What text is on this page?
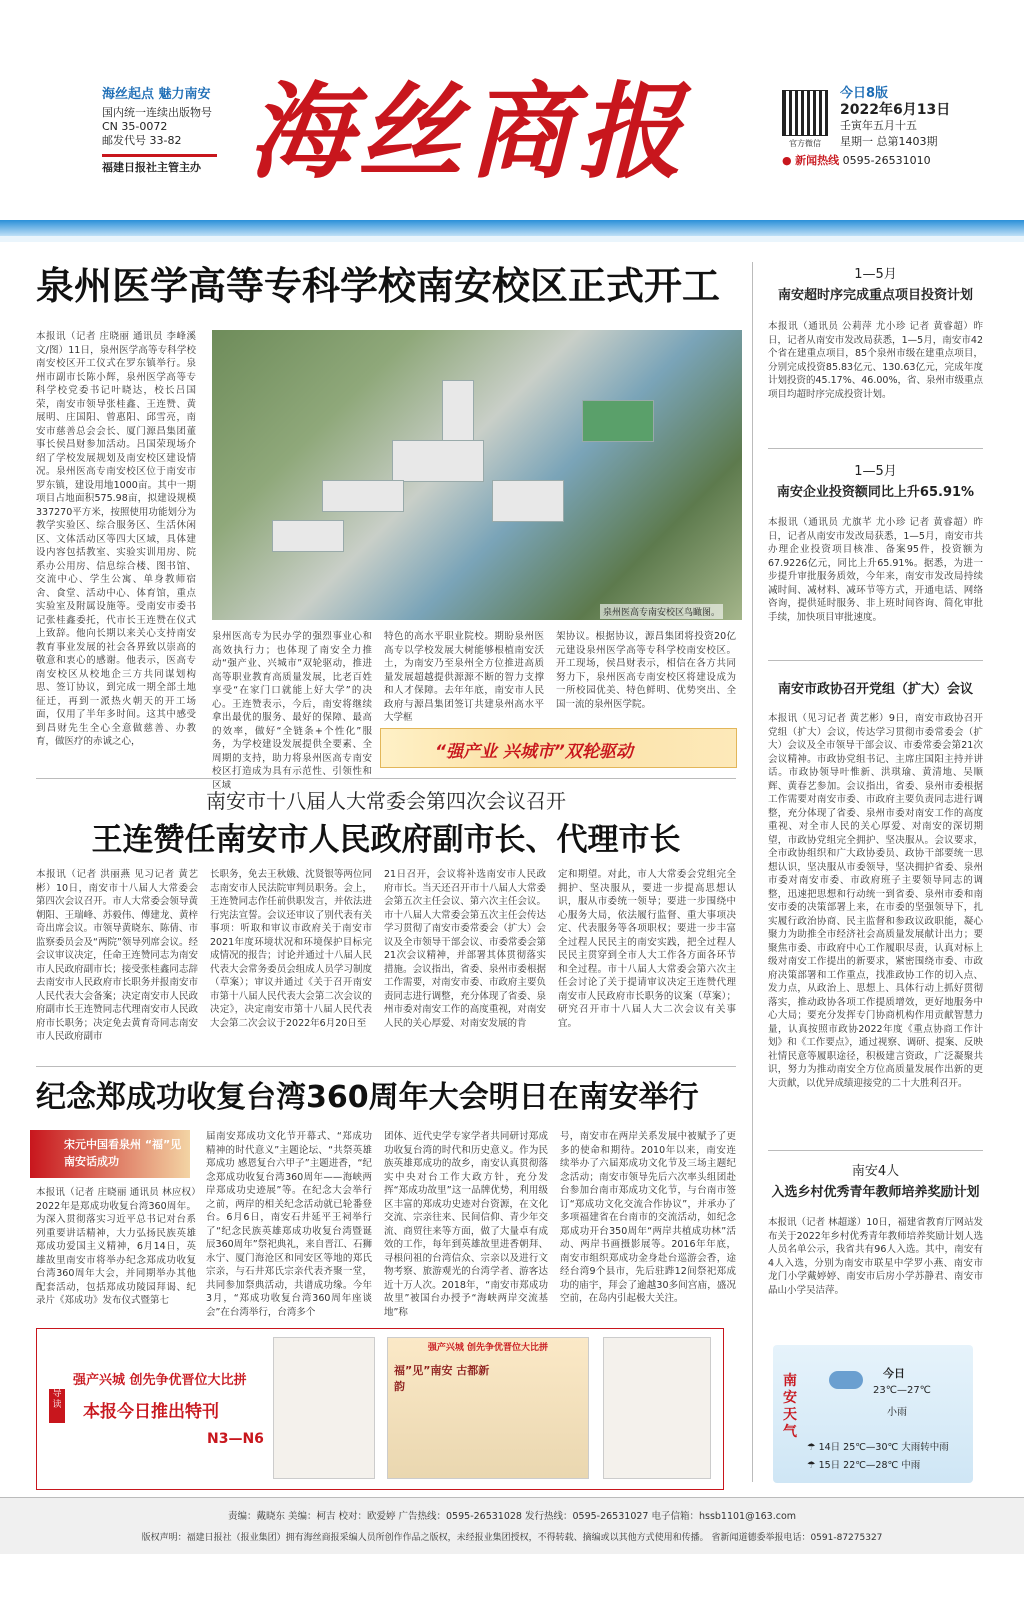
海丝起点 魅力南安
国内统一连续出版物号
CN 35-0072
邮发代号 33-82
福建日报社主管主办 海丝商报	官方微信
今日8版
2022年6月13日
壬寅年五月十五
星期一 总第1403期
● 新闻热线 0595-26531010
泉州医学高等专科学校南安校区正式开工
本报讯（记者 庄晓丽 通讯员 李峰溪 文/图）11日，泉州医学高等专科学校南安校区开工仪式在罗东镇举行。泉州市副市长陈小辉，泉州医学高等专科学校党委书记叶晓达，校长吕国荣，南安市领导张桂鑫、王连赞、黄展明、庄国阳、曾惠阳、邱雪亮，南安市慈善总会会长、厦门源昌集团董事长侯昌财参加活动。吕国荣现场介绍了学校发展规划及南安校区建设情况。泉州医高专南安校区位于南安市罗东镇，建设用地1000亩。其中一期项目占地面积575.98亩，拟建设规模337270平方米，按照使用功能划分为教学实验区、综合服务区、生活休闲区、文体活动区等四大区域，具体建设内容包括教室、实验实训用房、院系办公用房、信息综合楼、图书馆、交流中心、学生公寓、单身教师宿舍、食堂、活动中心、体育馆，重点实验室及附属设施等。受南安市委书记张桂鑫委托，代市长王连赞在仪式上致辞。他向长期以来关心支持南安教育事业发展的社会各界致以崇高的敬意和衷心的感谢。他表示，医高专南安校区从校地企三方共同谋划构思、签订协议，到完成一期全部土地征迁，再到一派热火朝天的开工场面，仅用了半年多时间。这其中感受到昌财先生全心全意做慈善、办教育，做医疗的赤诚之心，
泉州医高专南安校区鸟瞰图。
泉州医高专为民办学的强烈事业心和高效执行力；也体现了南安全力推动“强产业、兴城市”双轮驱动，推进高等职业教育高质量发展，比老百姓享受“在家门口就能上好大学”的决心。王连赞表示，今后，南安将继续拿出最优的服务、最好的保障、最高的效率，做好“全链条+个性化”服务，为学校建设发展提供全要素、全周期的支持，助力将泉州医高专南安校区打造成为具有示范性、引领性和区域
特色的高水平职业院校。期盼泉州医高专以学校发展大树能够根植南安沃土，为南安乃至泉州全方位推进高质量发展超越提供源源不断的智力支撑和人才保障。去年年底，南安市人民政府与源昌集团签订共建泉州高水平大学框
架协议。根据协议，源昌集团将投资20亿元建设泉州医学高等专科学校南安校区。开工现场，侯昌财表示，相信在各方共同努力下，泉州医高专南安校区将建设成为一所校园优美、特色鲜明、优势突出、全国一流的泉州医学院。
“强产业 兴城市”双轮驱动
南安市十八届人大常委会第四次会议召开
王连赞任南安市人民政府副市长、代理市长
本报讯（记者 洪丽燕 见习记者 黄艺彬）10日，南安市十八届人大常委会第四次会议召开。市人大常委会领导黄朝阳、王瑞峰、苏毅伟、傅建龙、黄梓奇出席会议。市领导黄晓东、陈倩、市监察委员会及“两院”领导列席会议。经会议审议决定，任命王连赞同志为南安市人民政府副市长；接受张桂鑫同志辞去南安市人民政府市长职务并报南安市人民代表大会备案；决定南安市人民政府副市长王连赞同志代理南安市人民政府市长职务；决定免去黄育奇同志南安市人民政府副市
长职务，免去王秋娥、沈贤银等两位同志南安市人民法院审判员职务。会上，王连赞同志作任前供职发言，并依法进行宪法宣誓。会议还审议了别代表有关事项：听取和审议市政府关于南安市2021年度环境状况和环境保护目标完成情况的报告；讨论并通过十八届人民代表大会常务委员会组成人员学习制度（草案）；审议并通过《关于召开南安市第十八届人民代表大会第二次会议的决定》，决定南安市第十八届人民代表大会第二次会议于2022年6月20日至
21日召开，会议将补选南安市人民政府市长。当天还召开市十八届人大常委会第五次主任会议、第六次主任会议。市十八届人大常委会第五次主任会传达学习贯彻了南安市委常委会（扩大）会议及全市领导干部会议、市委常委会第21次会议精神，并部署其体贯彻落实措施。会议指出，省委、泉州市委根据工作需要，对南安市委、市政府主要负责同志进行调整，充分体现了省委、泉州市委对南安工作的高度重视，对南安人民的关心厚爱、对南安发展的肯
定和期望。对此，市人大常委会党组完全拥护、坚决服从，要进一步提高思想认识，服从市委统一领导；要进一步围绕中心服务大局，依法履行监督、重大事项决定、代表服务等各项职权；要进一步丰富全过程人民民主的南安实践，把全过程人民民主贯穿到全市人大工作各方面各环节和全过程。市十八届人大常委会第六次主任会讨论了关于提请审议决定王连赞代理南安市人民政府市长职务的议案（草案）；研究召开市十八届人大二次会议有关事宜。
纪念郑成功收复台湾360周年大会明日在南安举行
宋元中国看泉州 “福”见南安话成功
本报讯（记者 庄晓丽 通讯员 林应权）2022年是郑成功收复台湾360周年。为深入贯彻落实习近平总书记对台系列重要讲话精神，大力弘扬民族英雄郑成功爱国主义精神，6月14日，英雄故里南安市将举办纪念郑成功收复台湾360周年大会，并同期举办其他配套活动，包括郑成功陵园拜谒、纪录片《郑成功》发布仪式暨第七
届南安郑成功文化节开幕式、“郑成功精神的时代意义”主题论坛、“共祭英雄郑成功 感恩复台六甲子”主题进香，“纪念郑成功收复台湾360周年——海峡两岸郑成功史迹展”等。在纪念大会举行之前，两岸的相关纪念活动就已轮番登台。6月6日，南安石井延平王祠举行了“纪念民族英雄郑成功收复台湾暨诞辰360周年”祭祀典礼，来自晋江、石狮永宁、厦门海沧区和同安区等地的郑氏宗亲，与石井郑氏宗亲代表齐聚一堂，共同参加祭典活动，共谱成功缘。今年3月，“郑成功收复台湾360周年座谈会”在台湾举行，台湾多个
团体、近代史学专家学者共同研讨郑成功收复台湾的时代和历史意义。作为民族英雄郑成功的故乡，南安认真贯彻落实中央对台工作大政方针，充分发挥“郑成功故里”这一品牌优势，利用级区丰富的郑成功史迹对台资源，在文化交流、宗亲往来、民间信仰、青少年交流、商贸往来等方面，做了大量卓有成效的工作，每年到英雄故里进香朝拜、寻根问祖的台湾信众、宗亲以及进行文物考察、旅游观光的台湾学者、游客达近十万人次。2018年，“南安市郑成功故里”被国台办授予“海峡两岸交流基地”称
号，南安市在两岸关系发展中被赋予了更多的使命和期待。2010年以来，南安连续举办了六届郑成功文化节及三场主题纪念活动；南安市领导先后六次率头组团赴台参加台南市郑成功文化节，与台南市签订“郑成功文化交流合作协议”，并承办了多项福建省在台南市的交流活动，如纪念郑成功开台350周年“两岸共植成功林”活动、两岸书画摄影展等。2016年年底，南安市组织郑成功金身赴台巡游会香，途经台湾9个县市，先后驻跸12间祭祀郑成功的庙宇，拜会了逾越30多间宫庙，盛况空前，在岛内引起极大关注。
导读
强产兴城 创先争优晋位大比拼
本报今日推出特刊
N3—N6
强产兴城 创先争优晋位大比拼
福”见”南安 古都新韵
1—5月
南安超时序完成重点项目投资计划
本报讯（通讯员 公莉萍 尤小珍 记者 黄睿超）昨日，记者从南安市发改局获悉，1—5月，南安市42个省在建重点项目，85个泉州市级在建重点项目，分别完成投资85.83亿元、130.63亿元，完成年度计划投资的45.17%、46.00%，省、泉州市级重点项目均超时序完成投资计划。
1—5月
南安企业投资额同比上升65.91%
本报讯（通讯员 尤旗芊 尤小珍 记者 黄睿超）昨日，记者从南安市发改局获悉，1—5月，南安市共办理企业投资项目核准、备案95件，投资额为67.9226亿元，同比上升65.91%。据悉，为进一步提升审批服务质效，今年来，南安市发改局持续减时间、减材料、减环节等方式，开通电话、网络咨询，提供延时服务、非上班时间咨询、简化审批手续，加快项目审批速度。
南安市政协召开党组（扩大）会议
本报讯（见习记者 黄艺彬）9日，南安市政协召开党组（扩大）会议，传达学习贯彻市委常委会（扩大）会议及全市领导干部会议、市委常委会第21次会议精神。市政协党组书记、主席庄国阳主持并讲话。市政协领导叶惟新、洪琪瑜、黄清地、吴顺辉、黄春艺参加。会议指出，省委、泉州市委根据工作需要对南安市委、市政府主要负责同志进行调整，充分体现了省委、泉州市委对南安工作的高度重视、对全市人民的关心厚爱、对南安的深切期望，市政协党组完全拥护、坚决服从。会议要求，全市政协组织和广大政协委员、政协干部要统一思想认识，坚决服从市委领导，坚决拥护省委、泉州市委对南安市委、市政府班子主要领导同志的调整，迅速把思想和行动统一到省委、泉州市委和南安市委的决策部署上来，在市委的坚强领导下，扎实履行政治协商、民主监督和参政议政职能，凝心聚力为助推全市经济社会高质量发展献计出力；要聚焦市委、市政府中心工作履职尽责，认真对标上级对南安工作提出的新要求，紧密围绕市委、市政府决策部署和工作重点，找准政协工作的切入点、发力点，从政治上、思想上、具体行动上抓好贯彻落实，推动政协各项工作提质增效，更好地服务中心大局；要充分发挥专门协商机构作用贡献智慧力量，认真按照市政协2022年度《重点协商工作计划》和《工作要点》，通过视察、调研、提案、反映社情民意等履职途径，积极建言资政，广泛凝聚共识，努力为推动南安全方位高质量发展作出新的更大贡献，以优异成绩迎接党的二十大胜利召开。
南安4人
入选乡村优秀青年教师培养奖励计划
本报讯（记者 林超遂）10日，福建省教育厅网站发布关于2022年乡村优秀青年教师培养奖励计划人选人员名单公示，我省共有96人入选。其中，南安有4人入选，分别为南安市联星中学罗小燕、南安市龙门小学戴婷婷、南安市后房小学苏静君、南安市晶山小学吴洁萍。
南安天气
今日
23℃—27℃
小雨
☂ 14日 25℃—30℃ 大雨转中雨
☂ 15日 22℃—28℃ 中雨
责编：戴晓东 美编：柯吉 校对：欧爱婷 广告热线：0595-26531028 发行热线：0595-26531027 电子信箱：hssb1101@163.com
版权声明：福建日报社（报业集团）拥有海丝商报采编人员所创作作品之版权，未经报业集团授权，不得转载、摘编或以其他方式使用和传播。 省新闻道德委举报电话：0591-87275327
